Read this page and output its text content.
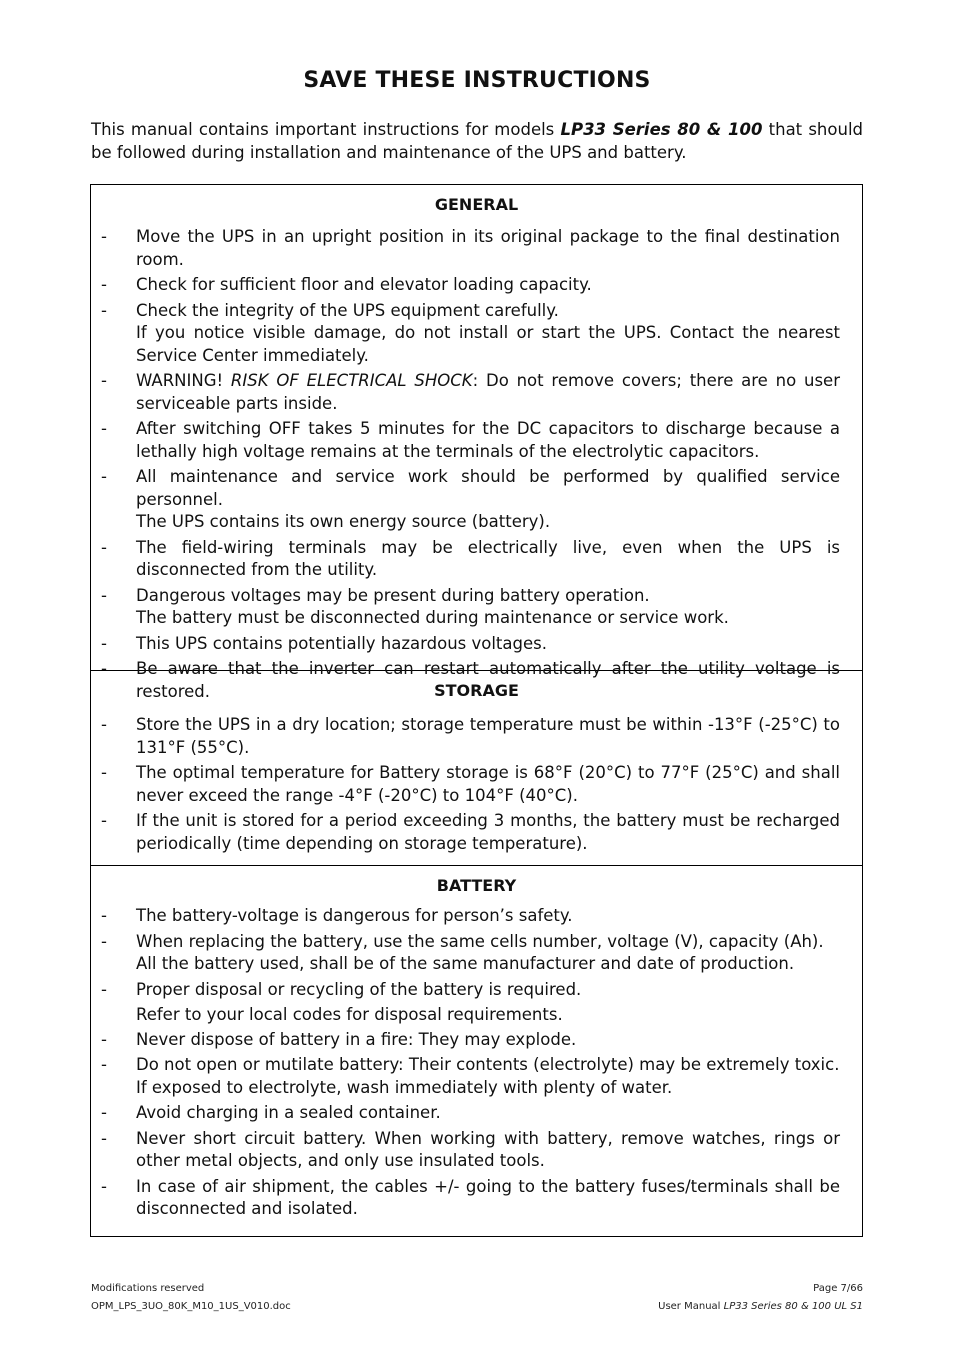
SAVE THESE INSTRUCTIONS
This manual contains important instructions for models LP33 Series 80 & 100 that should be followed during installation and maintenance of the UPS and battery.
GENERAL
- Move the UPS in an upright position in its original package to the final destination room.
- Check for sufficient floor and elevator loading capacity.
- Check the integrity of the UPS equipment carefully.
If you notice visible damage, do not install or start the UPS. Contact the nearest Service Center immediately.
- WARNING! RISK OF ELECTRICAL SHOCK: Do not remove covers; there are no user serviceable parts inside.
- After switching OFF takes 5 minutes for the DC capacitors to discharge because a lethally high voltage remains at the terminals of the electrolytic capacitors.
- All maintenance and service work should be performed by qualified service personnel.
The UPS contains its own energy source (battery).
- The field-wiring terminals may be electrically live, even when the UPS is disconnected from the utility.
- Dangerous voltages may be present during battery operation.
The battery must be disconnected during maintenance or service work.
- This UPS contains potentially hazardous voltages.
- Be aware that the inverter can restart automatically after the utility voltage is restored.	STORAGE
- Store the UPS in a dry location; storage temperature must be within -13°F (-25°C) to 131°F (55°C).
- The optimal temperature for Battery storage is 68°F (20°C) to 77°F (25°C) and shall never exceed the range -4°F (-20°C) to 104°F (40°C).
- If the unit is stored for a period exceeding 3 months, the battery must be recharged periodically (time depending on storage temperature).
BATTERY
- The battery-voltage is dangerous for person’s safety.
- When replacing the battery, use the same cells number, voltage (V), capacity (Ah).
All the battery used, shall be of the same manufacturer and date of production.
- Proper disposal or recycling of the battery is required.
Refer to your local codes for disposal requirements.
- Never dispose of battery in a fire: They may explode.
- Do not open or mutilate battery: Their contents (electrolyte) may be extremely toxic.
If exposed to electrolyte, wash immediately with plenty of water.
- Avoid charging in a sealed container.
- Never short circuit battery. When working with battery, remove watches, rings or other metal objects, and only use insulated tools.
- In case of air shipment, the cables +/- going to the battery fuses/terminals shall be disconnected and isolated.
Modifications reserved
OPM_LPS_3UO_80K_M10_1US_V010.doc
Page 7/66
User Manual LP33 Series 80 & 100 UL S1
